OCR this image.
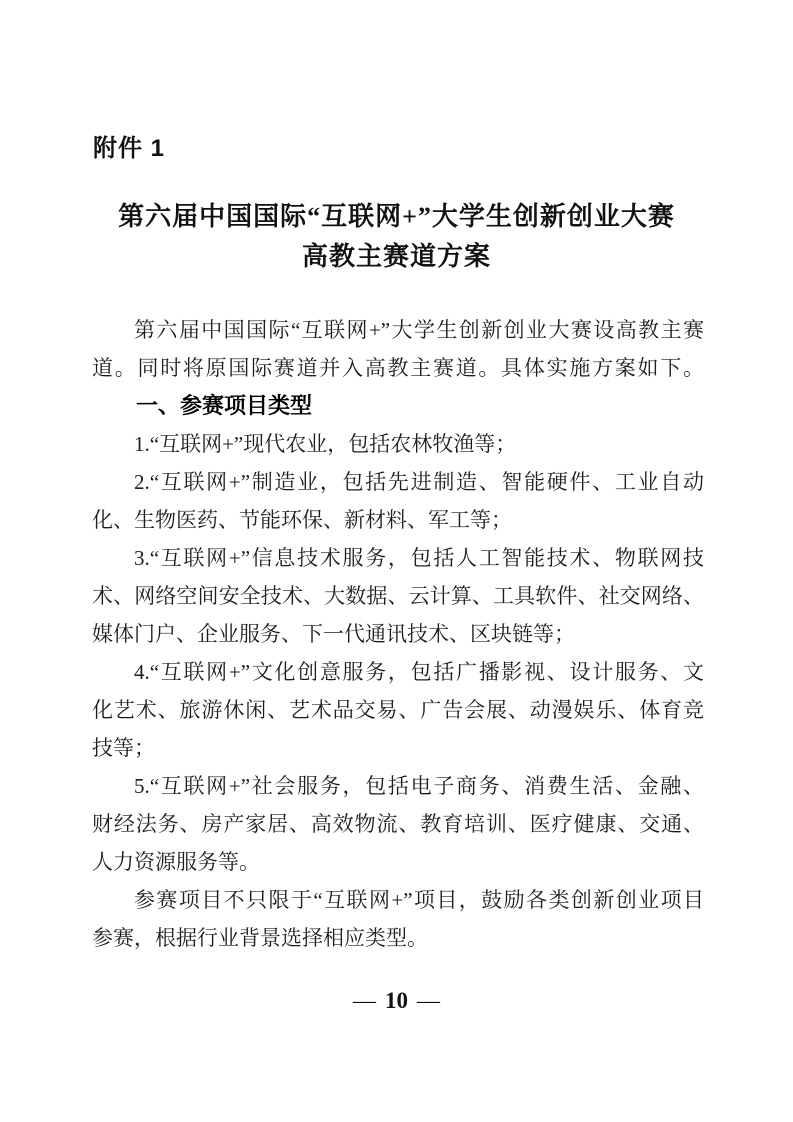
附件 1
第六届中国国际“互联网+”大学生创新创业大赛
高教主赛道方案
第六届中国国际“互联网+”大学生创新创业大赛设高教主赛
道。同时将原国际赛道并入高教主赛道。具体实施方案如下。
一、参赛项目类型
1.“互联网+”现代农业，包括农林牧渔等；
2.“互联网+”制造业，包括先进制造、智能硬件、工业自动
化、生物医药、节能环保、新材料、军工等；
3.“互联网+”信息技术服务，包括人工智能技术、物联网技
术、网络空间安全技术、大数据、云计算、工具软件、社交网络、
媒体门户、企业服务、下一代通讯技术、区块链等；
4.“互联网+”文化创意服务，包括广播影视、设计服务、文
化艺术、旅游休闲、艺术品交易、广告会展、动漫娱乐、体育竞
技等；
5.“互联网+”社会服务，包括电子商务、消费生活、金融、
财经法务、房产家居、高效物流、教育培训、医疗健康、交通、
人力资源服务等。
参赛项目不只限于“互联网+”项目，鼓励各类创新创业项目
参赛，根据行业背景选择相应类型。
— 10 —
